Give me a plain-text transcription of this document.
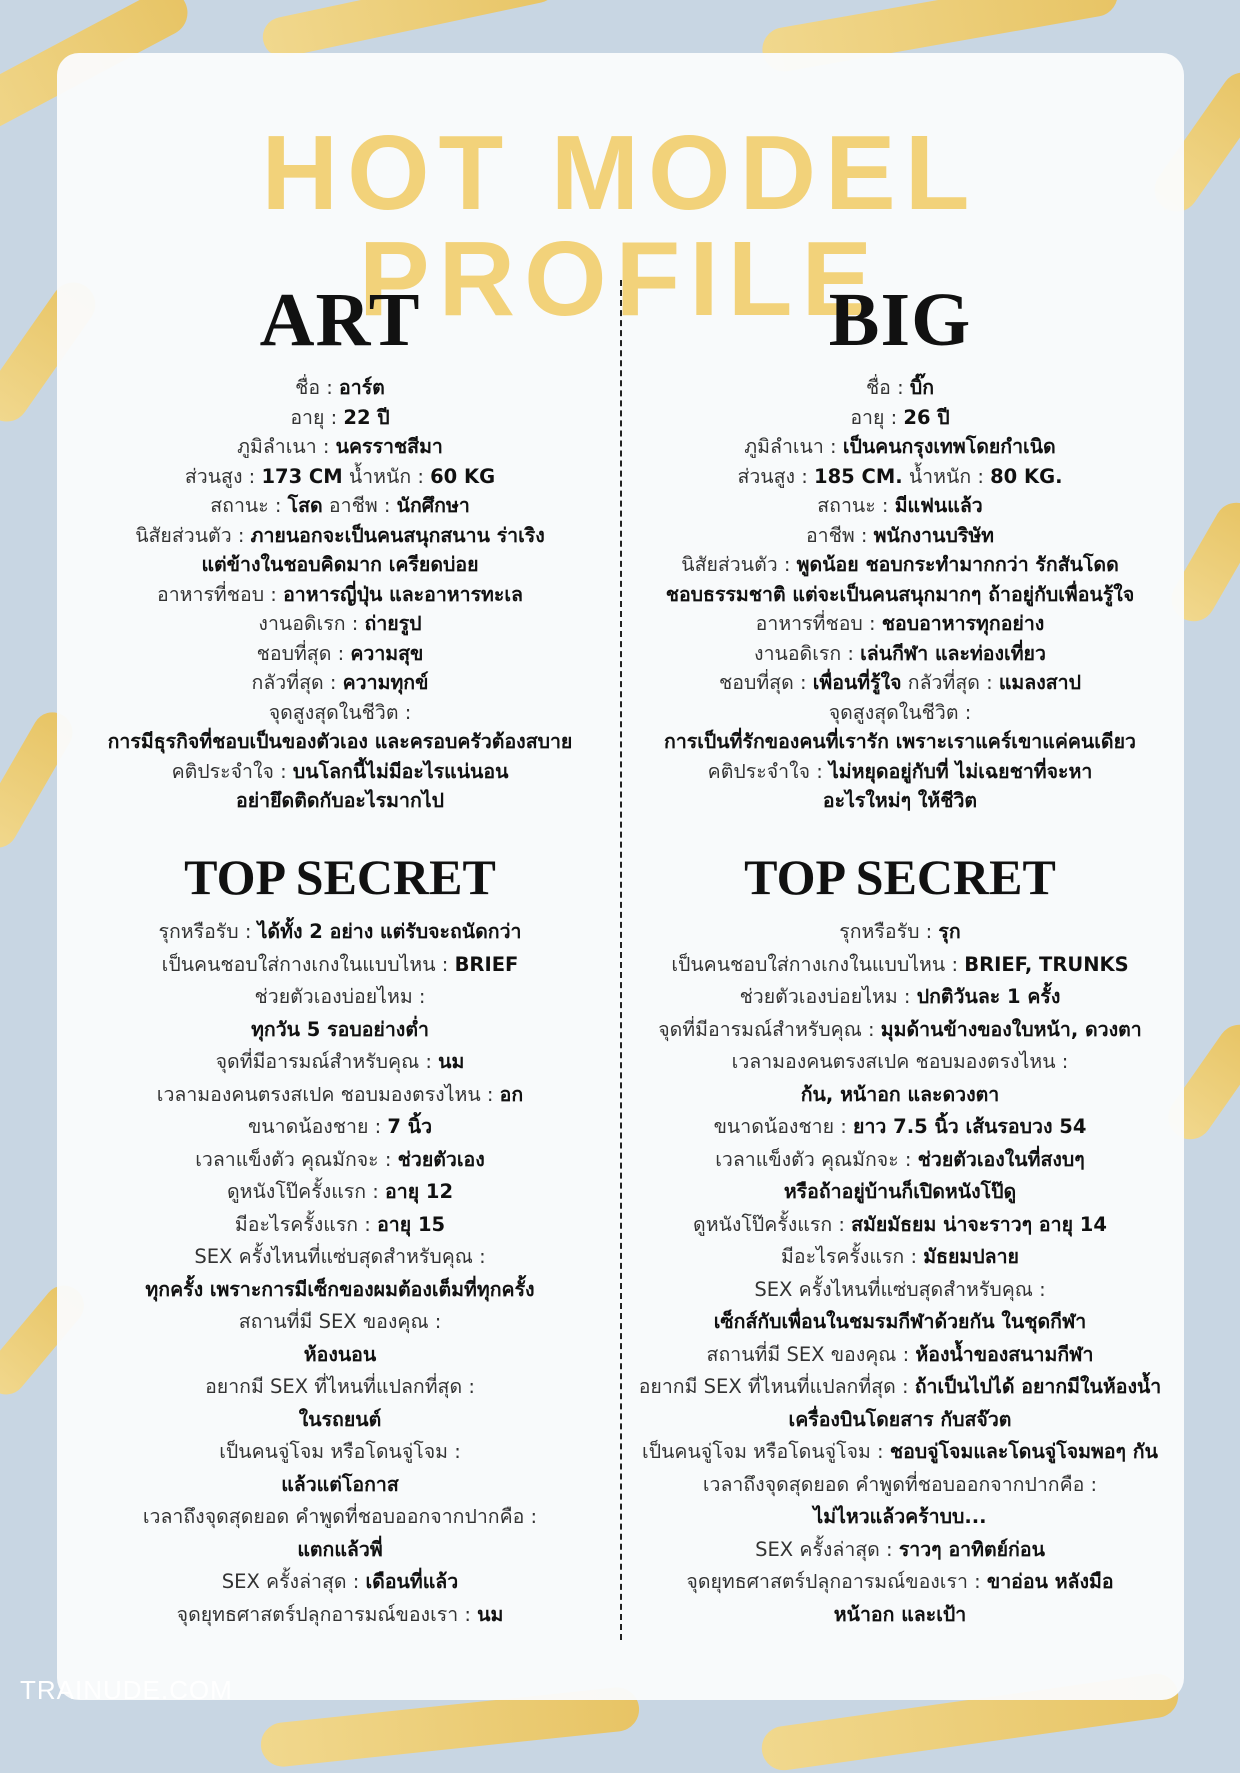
HOT MODEL PROFILE
ART
ชื่อ : อาร์ต
อายุ : 22 ปี
ภูมิลำเนา : นครราชสีมา
ส่วนสูง : 173 CM น้ำหนัก : 60 KG
สถานะ : โสด อาชีพ : นักศึกษา
นิสัยส่วนตัว : ภายนอกจะเป็นคนสนุกสนาน ร่าเริง
แต่ข้างในชอบคิดมาก เครียดบ่อย
อาหารที่ชอบ : อาหารญี่ปุ่น และอาหารทะเล
งานอดิเรก : ถ่ายรูป
ชอบที่สุด : ความสุข
กลัวที่สุด : ความทุกข์
จุดสูงสุดในชีวิต :
การมีธุรกิจที่ชอบเป็นของตัวเอง และครอบครัวต้องสบาย
คติประจำใจ : บนโลกนี้ไม่มีอะไรแน่นอน
อย่ายึดติดกับอะไรมากไป
TOP SECRET
รุกหรือรับ : ได้ทั้ง 2 อย่าง แต่รับจะถนัดกว่า
เป็นคนชอบใส่กางเกงในแบบไหน : BRIEF
ช่วยตัวเองบ่อยไหม :
ทุกวัน 5 รอบอย่างต่ำ
จุดที่มีอารมณ์สำหรับคุณ : นม
เวลามองคนตรงสเปค ชอบมองตรงไหน : อก
ขนาดน้องชาย : 7 นิ้ว
เวลาแข็งตัว คุณมักจะ : ช่วยตัวเอง
ดูหนังโป๊ครั้งแรก : อายุ 12
มีอะไรครั้งแรก : อายุ 15
SEX ครั้งไหนที่แซ่บสุดสำหรับคุณ :
ทุกครั้ง เพราะการมีเซ็กของผมต้องเต็มที่ทุกครั้ง
สถานที่มี SEX ของคุณ :
ห้องนอน
อยากมี SEX ที่ไหนที่แปลกที่สุด :
ในรถยนต์
เป็นคนจู่โจม หรือโดนจู่โจม :
แล้วแต่โอกาส
เวลาถึงจุดสุดยอด คำพูดที่ชอบออกจากปากคือ :
แตกแล้วพี่
SEX ครั้งล่าสุด : เดือนที่แล้ว
จุดยุทธศาสตร์ปลุกอารมณ์ของเรา : นม
BIG
ชื่อ : บิ๊ก
อายุ : 26 ปี
ภูมิลำเนา : เป็นคนกรุงเทพโดยกำเนิด
ส่วนสูง : 185 CM. น้ำหนัก : 80 KG.
สถานะ : มีแฟนแล้ว
อาชีพ : พนักงานบริษัท
นิสัยส่วนตัว : พูดน้อย ชอบกระทำมากกว่า รักสันโดด
ชอบธรรมชาติ แต่จะเป็นคนสนุกมากๆ ถ้าอยู่กับเพื่อนรู้ใจ
อาหารที่ชอบ : ชอบอาหารทุกอย่าง
งานอดิเรก : เล่นกีฬา และท่องเที่ยว
ชอบที่สุด : เพื่อนที่รู้ใจ กลัวที่สุด : แมลงสาป
จุดสูงสุดในชีวิต :
การเป็นที่รักของคนที่เรารัก เพราะเราแคร์เขาแค่คนเดียว
คติประจำใจ : ไม่หยุดอยู่กับที่ ไม่เฉยชาที่จะหา
อะไรใหม่ๆ ให้ชีวิต
TOP SECRET
รุกหรือรับ : รุก
เป็นคนชอบใส่กางเกงในแบบไหน : BRIEF, TRUNKS
ช่วยตัวเองบ่อยไหม : ปกติวันละ 1 ครั้ง
จุดที่มีอารมณ์สำหรับคุณ : มุมด้านข้างของใบหน้า, ดวงตา
เวลามองคนตรงสเปค ชอบมองตรงไหน :
ก้น, หน้าอก และดวงตา
ขนาดน้องชาย : ยาว 7.5 นิ้ว เส้นรอบวง 54
เวลาแข็งตัว คุณมักจะ : ช่วยตัวเองในที่สงบๆ
หรือถ้าอยู่บ้านก็เปิดหนังโป๊ดู
ดูหนังโป๊ครั้งแรก : สมัยมัธยม น่าจะราวๆ อายุ 14
มีอะไรครั้งแรก : มัธยมปลาย
SEX ครั้งไหนที่แซ่บสุดสำหรับคุณ :
เซ็กส์กับเพื่อนในชมรมกีฬาด้วยกัน ในชุดกีฬา
สถานที่มี SEX ของคุณ : ห้องน้ำของสนามกีฬา
อยากมี SEX ที่ไหนที่แปลกที่สุด : ถ้าเป็นไปได้ อยากมีในห้องน้ำ
เครื่องบินโดยสาร กับสจ๊วต
เป็นคนจู่โจม หรือโดนจู่โจม : ชอบจู่โจมและโดนจู่โจมพอๆ กัน
เวลาถึงจุดสุดยอด คำพูดที่ชอบออกจากปากคือ :
ไม่ไหวแล้วคร้าบบ...
SEX ครั้งล่าสุด : ราวๆ อาทิตย์ก่อน
จุดยุทธศาสตร์ปลุกอารมณ์ของเรา : ขาอ่อน หลังมือ
หน้าอก และเป้า
TRAINUDE.COM
